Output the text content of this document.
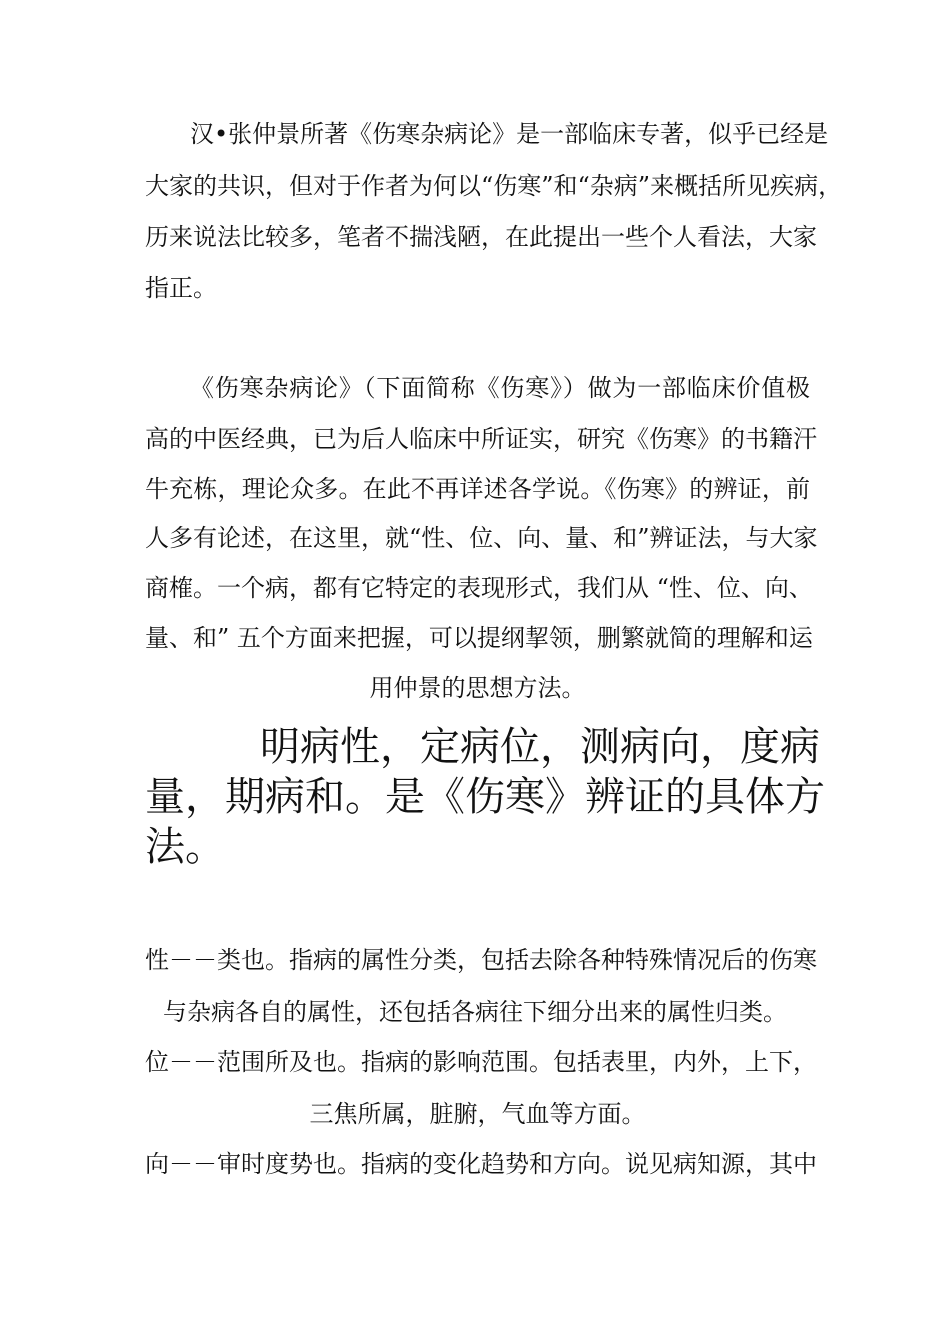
汉•张仲景所著《伤寒杂病论》是一部临床专著，似乎已经是
大家的共识，但对于作者为何以“伤寒”和“杂病”来概括所见疾病，
历来说法比较多，笔者不揣浅陋，在此提出一些个人看法，大家
指正。
《伤寒杂病论》（下面简称《伤寒》）做为一部临床价值极
高的中医经典，已为后人临床中所证实，研究《伤寒》的书籍汗
牛充栋，理论众多。在此不再详述各学说。《伤寒》的辨证，前
人多有论述，在这里，就“性、位、向、量、和”辨证法，与大家
商榷。一个病，都有它特定的表现形式，我们从 “性、位、向、
量、和” 五个方面来把握，可以提纲挈领，删繁就简的理解和运
用仲景的思想方法。
明病性，定病位，测病向，度病
量，期病和。是《伤寒》辨证的具体方
法。
性－－类也。指病的属性分类，包括去除各种特殊情况后的伤寒
与杂病各自的属性，还包括各病往下细分出来的属性归类。
位－－范围所及也。指病的影响范围。包括表里，内外，上下，
三焦所属，脏腑，气血等方面。
向－－审时度势也。指病的变化趋势和方向。说见病知源，其中
